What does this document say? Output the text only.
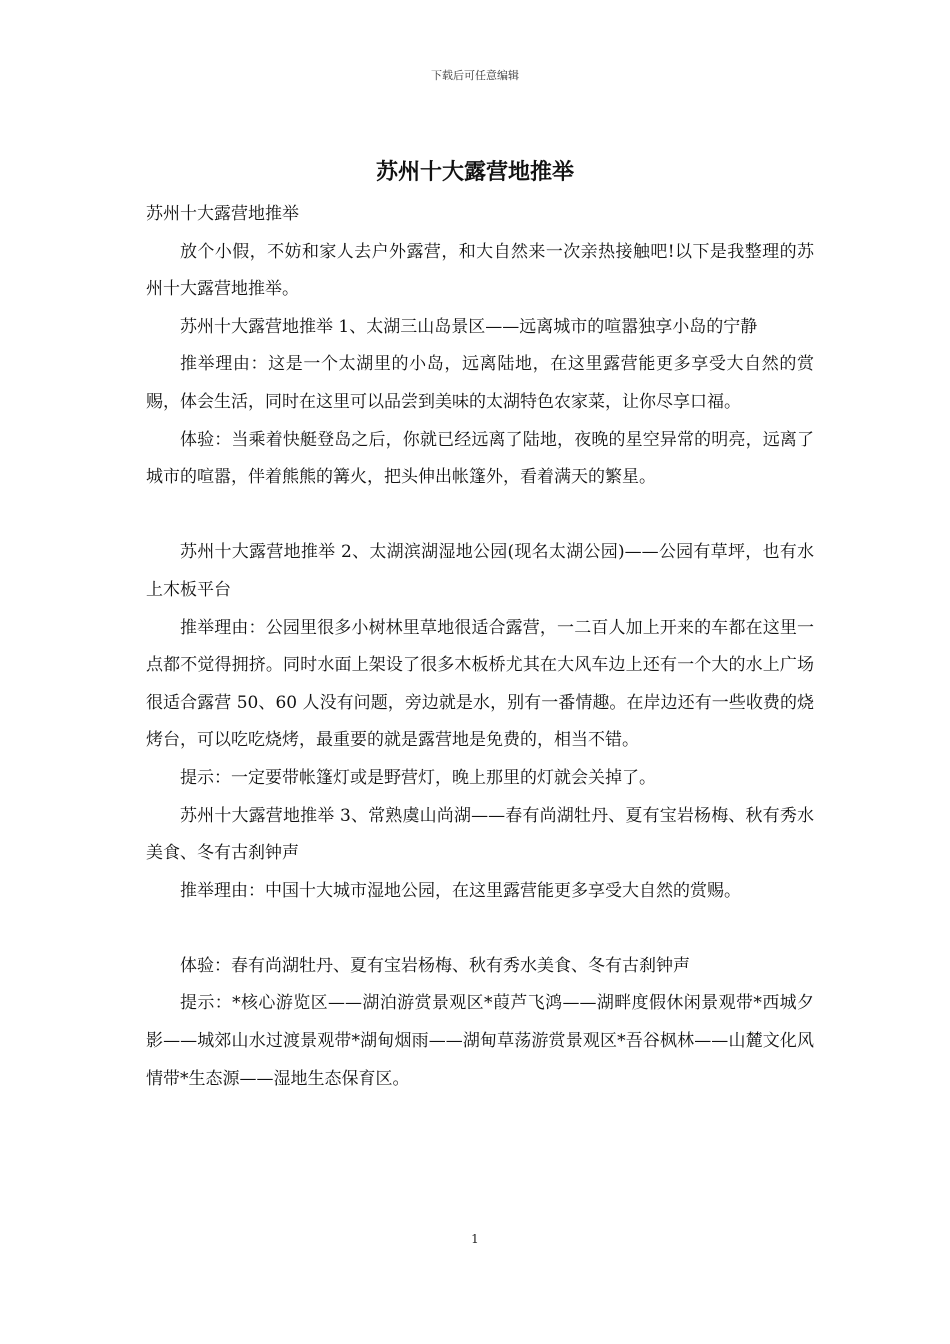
下载后可任意编辑
苏州十大露营地推举

苏州十大露营地推举

放个小假，不妨和家人去户外露营，和大自然来一次亲热接触吧!以下是我整理的苏州十大露营地推举。

苏州十大露营地推举 1、太湖三山岛景区——远离城市的喧嚣独享小岛的宁静

推举理由：这是一个太湖里的小岛，远离陆地，在这里露营能更多享受大自然的赏赐，体会生活，同时在这里可以品尝到美味的太湖特色农家菜，让你尽享口福。

体验：当乘着快艇登岛之后，你就已经远离了陆地，夜晚的星空异常的明亮，远离了城市的喧嚣，伴着熊熊的篝火，把头伸出帐篷外，看着满天的繁星。

苏州十大露营地推举 2、太湖滨湖湿地公园(现名太湖公园)——公园有草坪，也有水上木板平台

推举理由：公园里很多小树林里草地很适合露营，一二百人加上开来的车都在这里一点都不觉得拥挤。同时水面上架设了很多木板桥尤其在大风车边上还有一个大的水上广场很适合露营 50、60 人没有问题，旁边就是水，别有一番情趣。在岸边还有一些收费的烧烤台，可以吃吃烧烤，最重要的就是露营地是免费的，相当不错。

提示：一定要带帐篷灯或是野营灯，晚上那里的灯就会关掉了。

苏州十大露营地推举 3、常熟虞山尚湖——春有尚湖牡丹、夏有宝岩杨梅、秋有秀水美食、冬有古刹钟声

推举理由：中国十大城市湿地公园，在这里露营能更多享受大自然的赏赐。

体验：春有尚湖牡丹、夏有宝岩杨梅、秋有秀水美食、冬有古刹钟声

提示：*核心游览区——湖泊游赏景观区*葭芦飞鸿——湖畔度假休闲景观带*西城夕影——城郊山水过渡景观带*湖甸烟雨——湖甸草荡游赏景观区*吾谷枫林——山麓文化风情带*生态源——湿地生态保育区。

1
